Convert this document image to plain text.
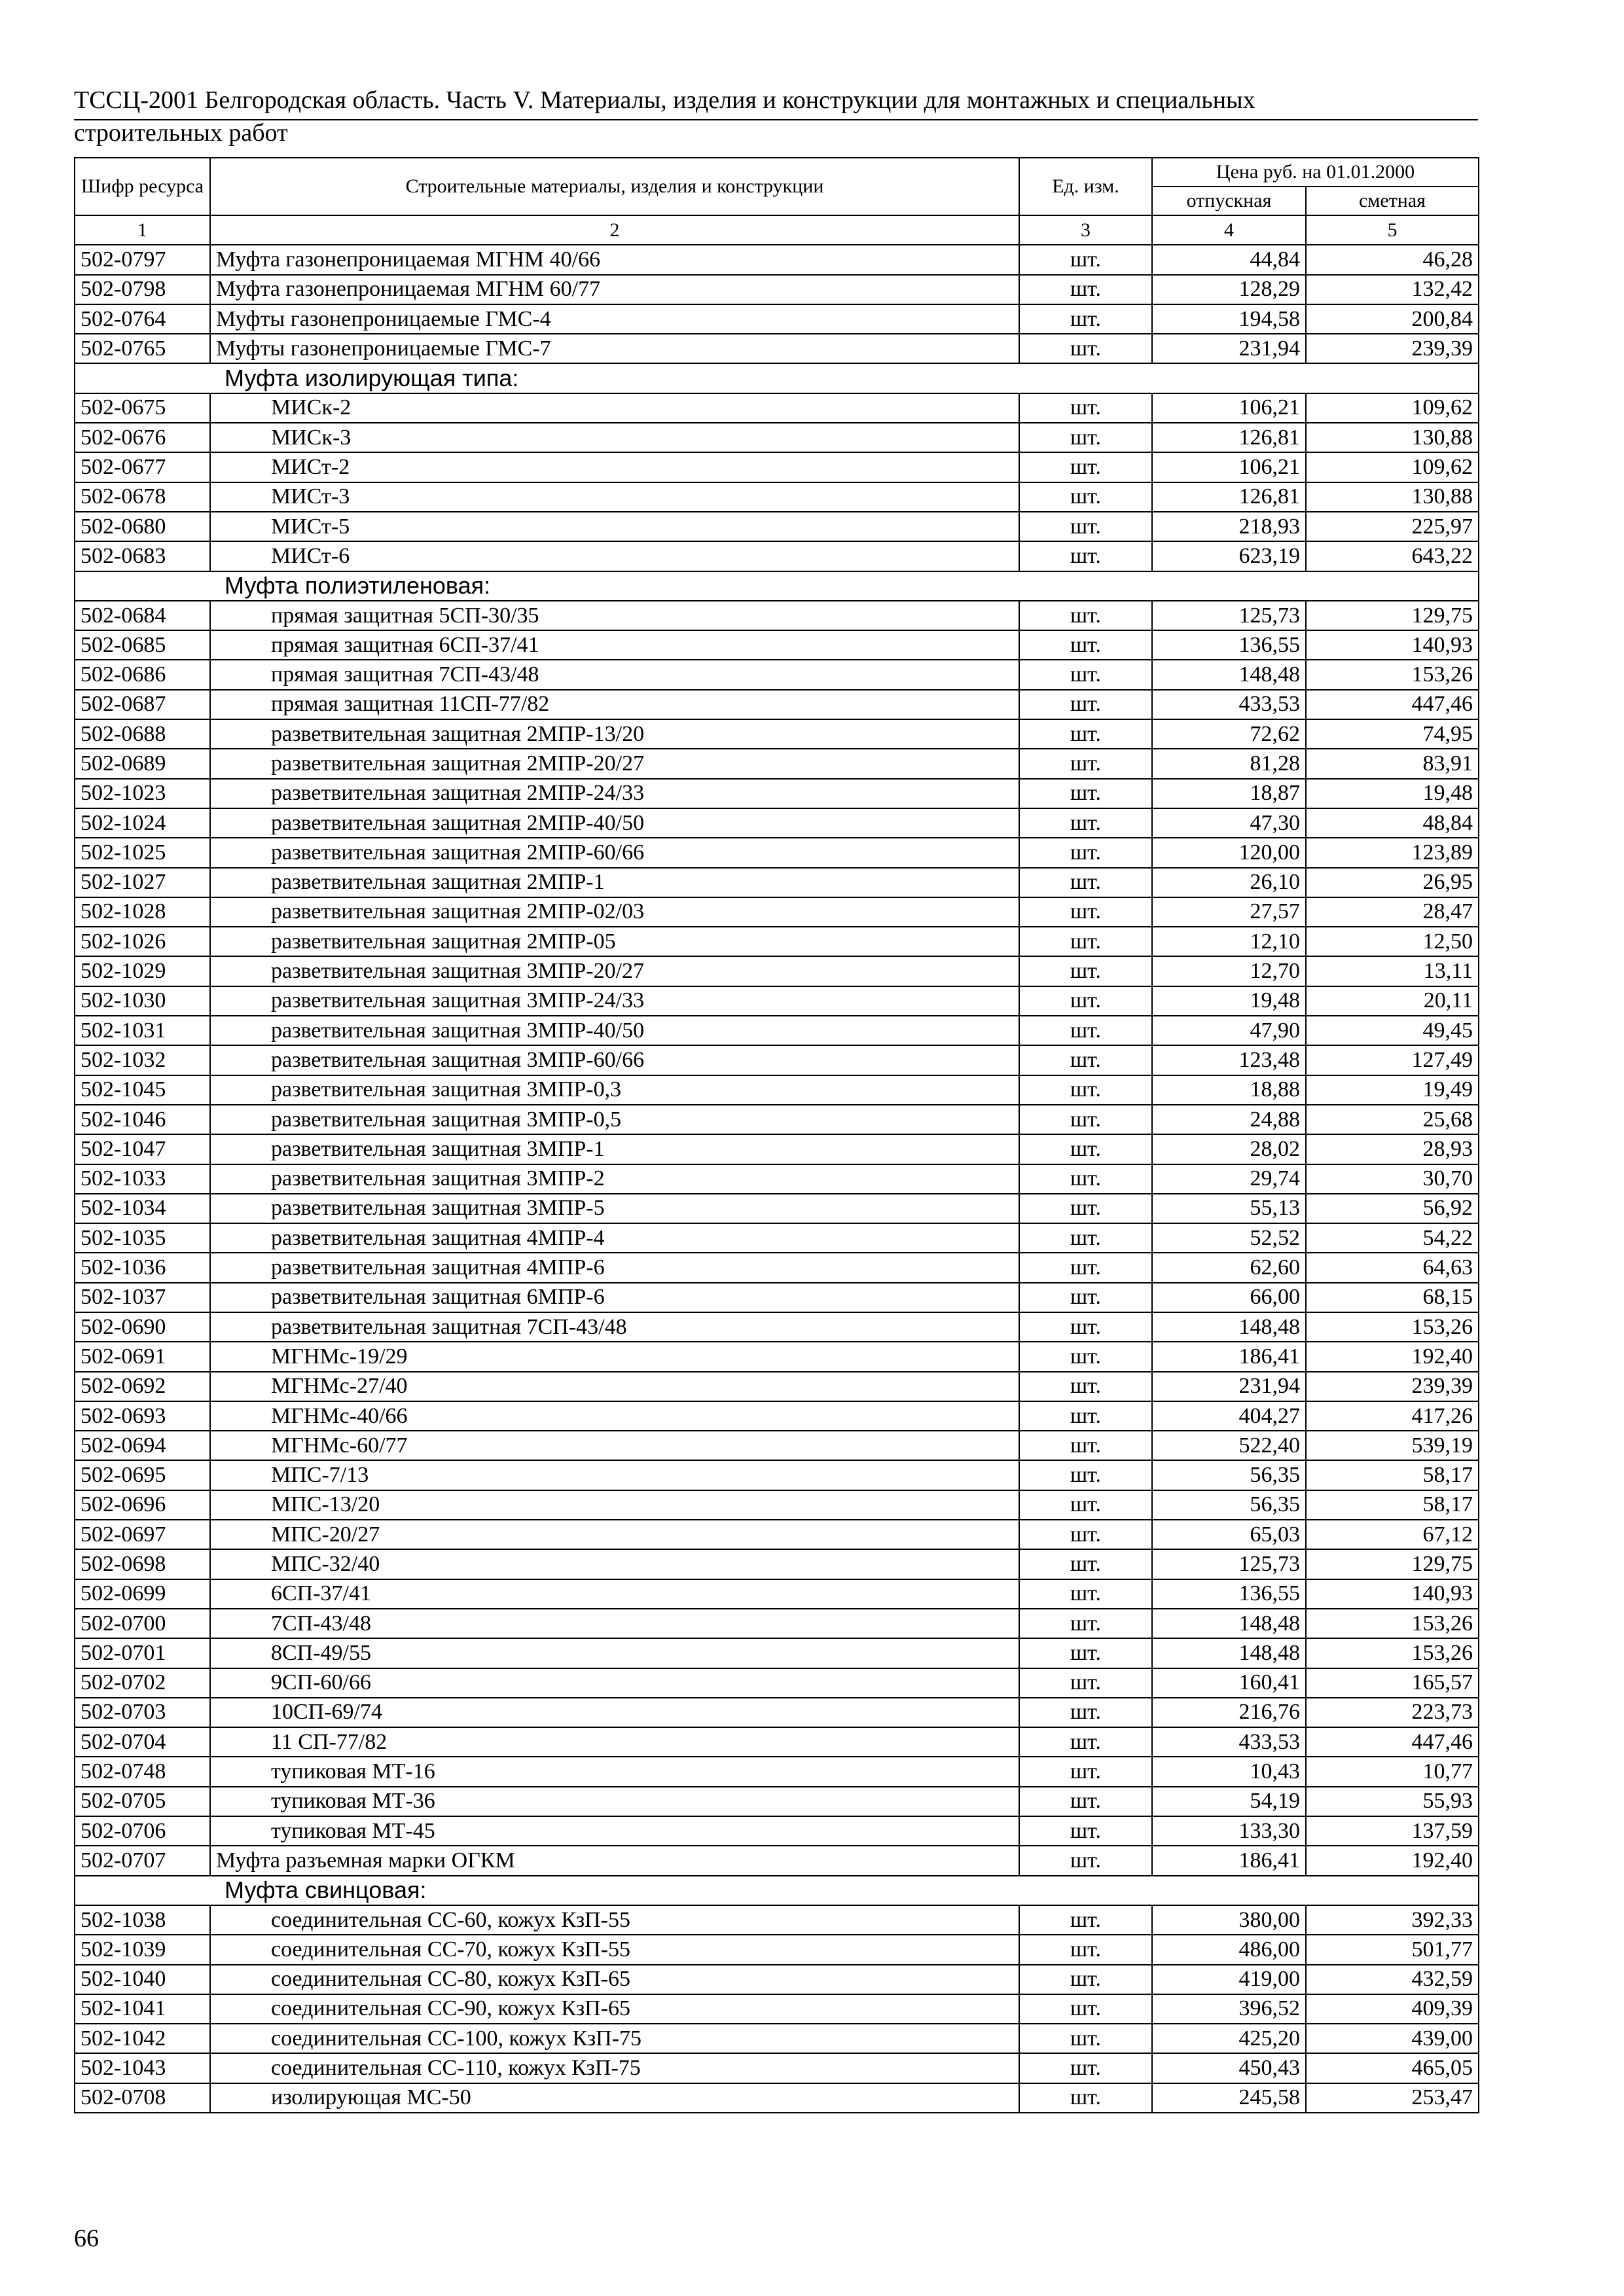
ТССЦ-2001 Белгородская область. Часть V. Материалы, изделия и конструкции для монтажных и специальных
строительных работ
Шифр ресурса	Строительные материалы, изделия и конструкции	Ед. изм.	Цена руб. на 01.01.2000	
			отпускная	сметная
1	2	3	4	5
502-0797	Муфта газонепроницаемая МГНМ 40/66	шт.	44,84	46,28
502-0798	Муфта газонепроницаемая МГНМ 60/77	шт.	128,29	132,42
502-0764	Муфты газонепроницаемые ГМС-4	шт.	194,58	200,84
502-0765	Муфты газонепроницаемые ГМС-7	шт.	231,94	239,39
Муфта изолирующая типа:				
502-0675	МИСк-2	шт.	106,21	109,62
502-0676	МИСк-3	шт.	126,81	130,88
502-0677	МИСт-2	шт.	106,21	109,62
502-0678	МИСт-3	шт.	126,81	130,88
502-0680	МИСт-5	шт.	218,93	225,97
502-0683	МИСт-6	шт.	623,19	643,22
Муфта полиэтиленовая:				
502-0684	прямая защитная 5СП-30/35	шт.	125,73	129,75
502-0685	прямая защитная 6СП-37/41	шт.	136,55	140,93
502-0686	прямая защитная 7СП-43/48	шт.	148,48	153,26
502-0687	прямая защитная 11СП-77/82	шт.	433,53	447,46
502-0688	разветвительная защитная 2МПР-13/20	шт.	72,62	74,95
502-0689	разветвительная защитная 2МПР-20/27	шт.	81,28	83,91
502-1023	разветвительная защитная 2МПР-24/33	шт.	18,87	19,48
502-1024	разветвительная защитная 2МПР-40/50	шт.	47,30	48,84
502-1025	разветвительная защитная 2МПР-60/66	шт.	120,00	123,89
502-1027	разветвительная защитная 2МПР-1	шт.	26,10	26,95
502-1028	разветвительная защитная 2МПР-02/03	шт.	27,57	28,47
502-1026	разветвительная защитная 2МПР-05	шт.	12,10	12,50
502-1029	разветвительная защитная 3МПР-20/27	шт.	12,70	13,11
502-1030	разветвительная защитная 3МПР-24/33	шт.	19,48	20,11
502-1031	разветвительная защитная 3МПР-40/50	шт.	47,90	49,45
502-1032	разветвительная защитная 3МПР-60/66	шт.	123,48	127,49
502-1045	разветвительная защитная 3МПР-0,3	шт.	18,88	19,49
502-1046	разветвительная защитная 3МПР-0,5	шт.	24,88	25,68
502-1047	разветвительная защитная 3МПР-1	шт.	28,02	28,93
502-1033	разветвительная защитная 3МПР-2	шт.	29,74	30,70
502-1034	разветвительная защитная 3МПР-5	шт.	55,13	56,92
502-1035	разветвительная защитная 4МПР-4	шт.	52,52	54,22
502-1036	разветвительная защитная 4МПР-6	шт.	62,60	64,63
502-1037	разветвительная защитная 6МПР-6	шт.	66,00	68,15
502-0690	разветвительная защитная 7СП-43/48	шт.	148,48	153,26
502-0691	МГНМс-19/29	шт.	186,41	192,40
502-0692	МГНМс-27/40	шт.	231,94	239,39
502-0693	МГНМс-40/66	шт.	404,27	417,26
502-0694	МГНМс-60/77	шт.	522,40	539,19
502-0695	МПС-7/13	шт.	56,35	58,17
502-0696	МПС-13/20	шт.	56,35	58,17
502-0697	МПС-20/27	шт.	65,03	67,12
502-0698	МПС-32/40	шт.	125,73	129,75
502-0699	6СП-37/41	шт.	136,55	140,93
502-0700	7СП-43/48	шт.	148,48	153,26
502-0701	8СП-49/55	шт.	148,48	153,26
502-0702	9СП-60/66	шт.	160,41	165,57
502-0703	10СП-69/74	шт.	216,76	223,73
502-0704	11 СП-77/82	шт.	433,53	447,46
502-0748	тупиковая МТ-16	шт.	10,43	10,77
502-0705	тупиковая МТ-36	шт.	54,19	55,93
502-0706	тупиковая МТ-45	шт.	133,30	137,59
502-0707	Муфта разъемная марки ОГКМ	шт.	186,41	192,40
Муфта свинцовая:				
502-1038	соединительная СС-60, кожух КзП-55	шт.	380,00	392,33
502-1039	соединительная СС-70, кожух КзП-55	шт.	486,00	501,77
502-1040	соединительная СС-80, кожух КзП-65	шт.	419,00	432,59
502-1041	соединительная СС-90, кожух КзП-65	шт.	396,52	409,39
502-1042	соединительная СС-100, кожух КзП-75	шт.	425,20	439,00
502-1043	соединительная СС-110, кожух КзП-75	шт.	450,43	465,05
502-0708	изолирующая МС-50	шт.	245,58	253,47
66
